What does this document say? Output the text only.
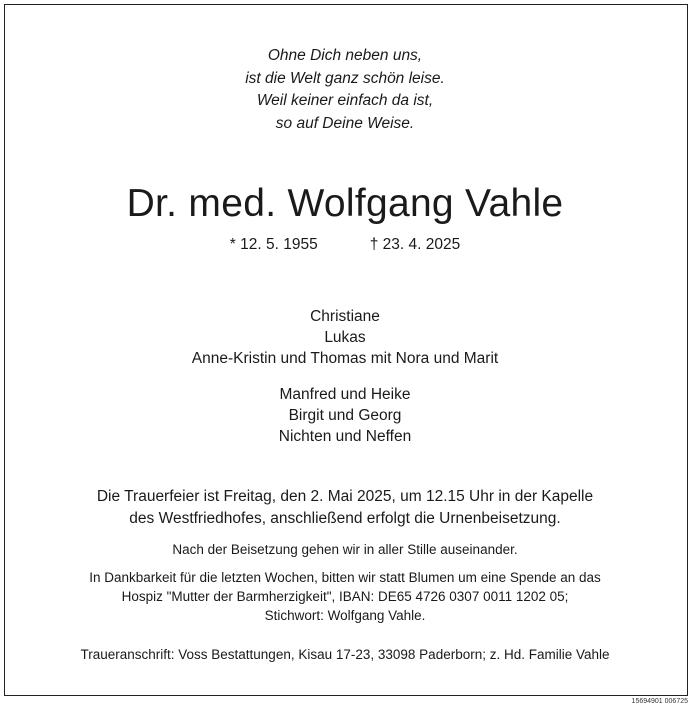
Ohne Dich neben uns,
ist die Welt ganz schön leise.
Weil keiner einfach da ist,
so auf Deine Weise.
Dr. med. Wolfgang Vahle
* 12. 5. 1955	† 23. 4. 2025
Christiane
Lukas
Anne-Kristin und Thomas mit Nora und Marit
Manfred und Heike
Birgit und Georg
Nichten und Neffen
Die Trauerfeier ist Freitag, den 2. Mai 2025, um 12.15 Uhr in der Kapelle
des Westfriedhofes, anschließend erfolgt die Urnenbeisetzung.
Nach der Beisetzung gehen wir in aller Stille auseinander.
In Dankbarkeit für die letzten Wochen, bitten wir statt Blumen um eine Spende an das
Hospiz "Mutter der Barmherzigkeit", IBAN: DE65 4726 0307 0011 1202 05;
Stichwort: Wolfgang Vahle.
Traueranschrift: Voss Bestattungen, Kisau 17-23, 33098 Paderborn; z. Hd. Familie Vahle
15694901 006725
